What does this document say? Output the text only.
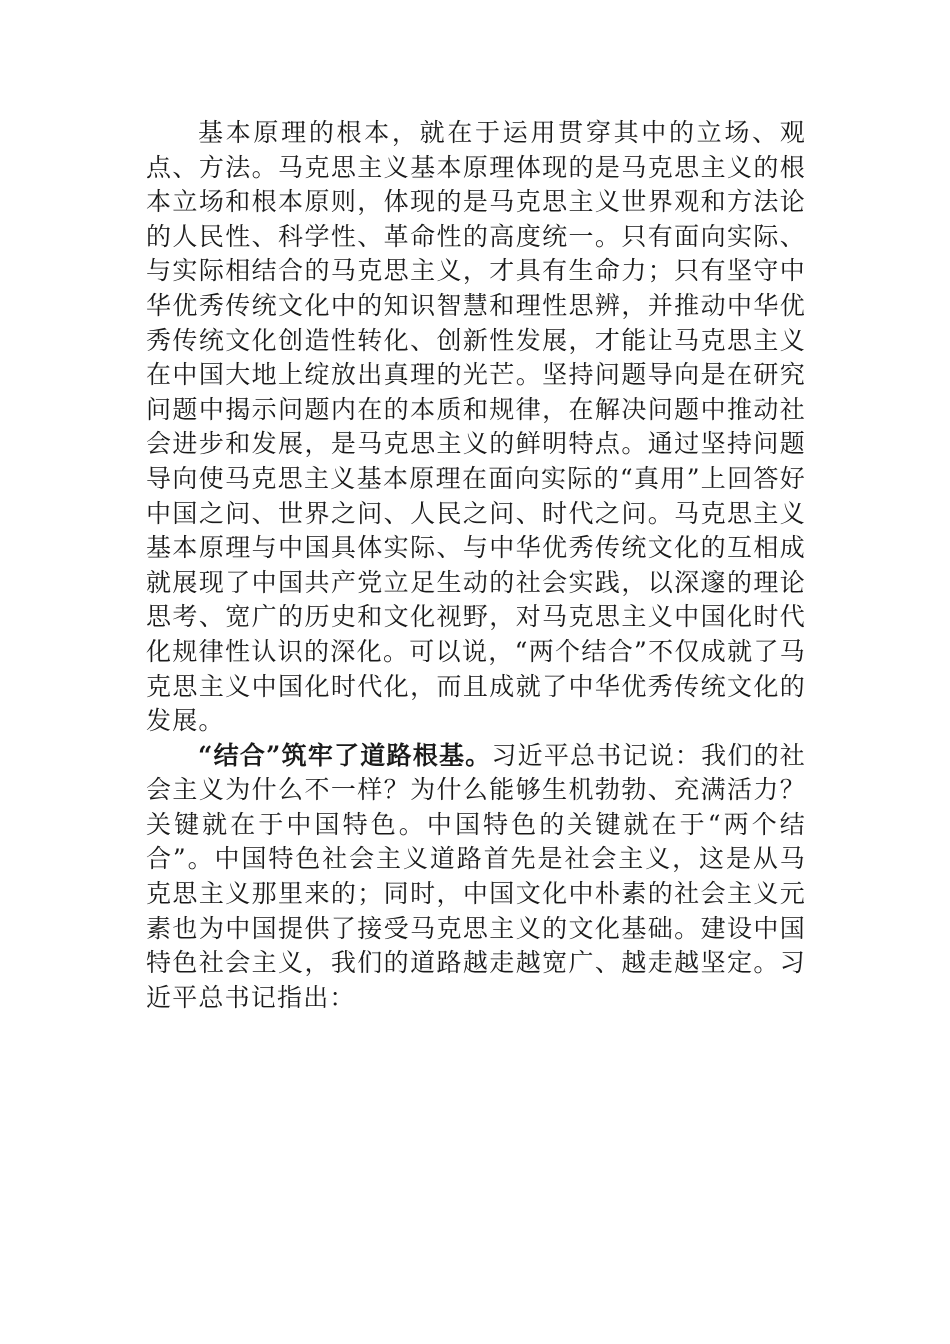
基本原理的根本，就在于运用贯穿其中的立场、观点、方法。马克思主义基本原理体现的是马克思主义的根本立场和根本原则，体现的是马克思主义世界观和方法论的人民性、科学性、革命性的高度统一。只有面向实际、与实际相结合的马克思主义，才具有生命力；只有坚守中华优秀传统文化中的知识智慧和理性思辨，并推动中华优秀传统文化创造性转化、创新性发展，才能让马克思主义在中国大地上绽放出真理的光芒。坚持问题导向是在研究问题中揭示问题内在的本质和规律，在解决问题中推动社会进步和发展，是马克思主义的鲜明特点。通过坚持问题导向使马克思主义基本原理在面向实际的“真用”上回答好中国之问、世界之问、人民之问、时代之问。马克思主义基本原理与中国具体实际、与中华优秀传统文化的互相成就展现了中国共产党立足生动的社会实践，以深邃的理论思考、宽广的历史和文化视野，对马克思主义中国化时代化规律性认识的深化。可以说，“两个结合”不仅成就了马克思主义中国化时代化，而且成就了中华优秀传统文化的发展。

“结合”筑牢了道路根基。习近平总书记说：我们的社会主义为什么不一样？为什么能够生机勃勃、充满活力？关键就在于中国特色。中国特色的关键就在于“两个结合”。中国特色社会主义道路首先是社会主义，这是从马克思主义那里来的；同时，中国文化中朴素的社会主义元素也为中国提供了接受马克思主义的文化基础。建设中国特色社会主义，我们的道路越走越宽广、越走越坚定。习近平总书记指出：
